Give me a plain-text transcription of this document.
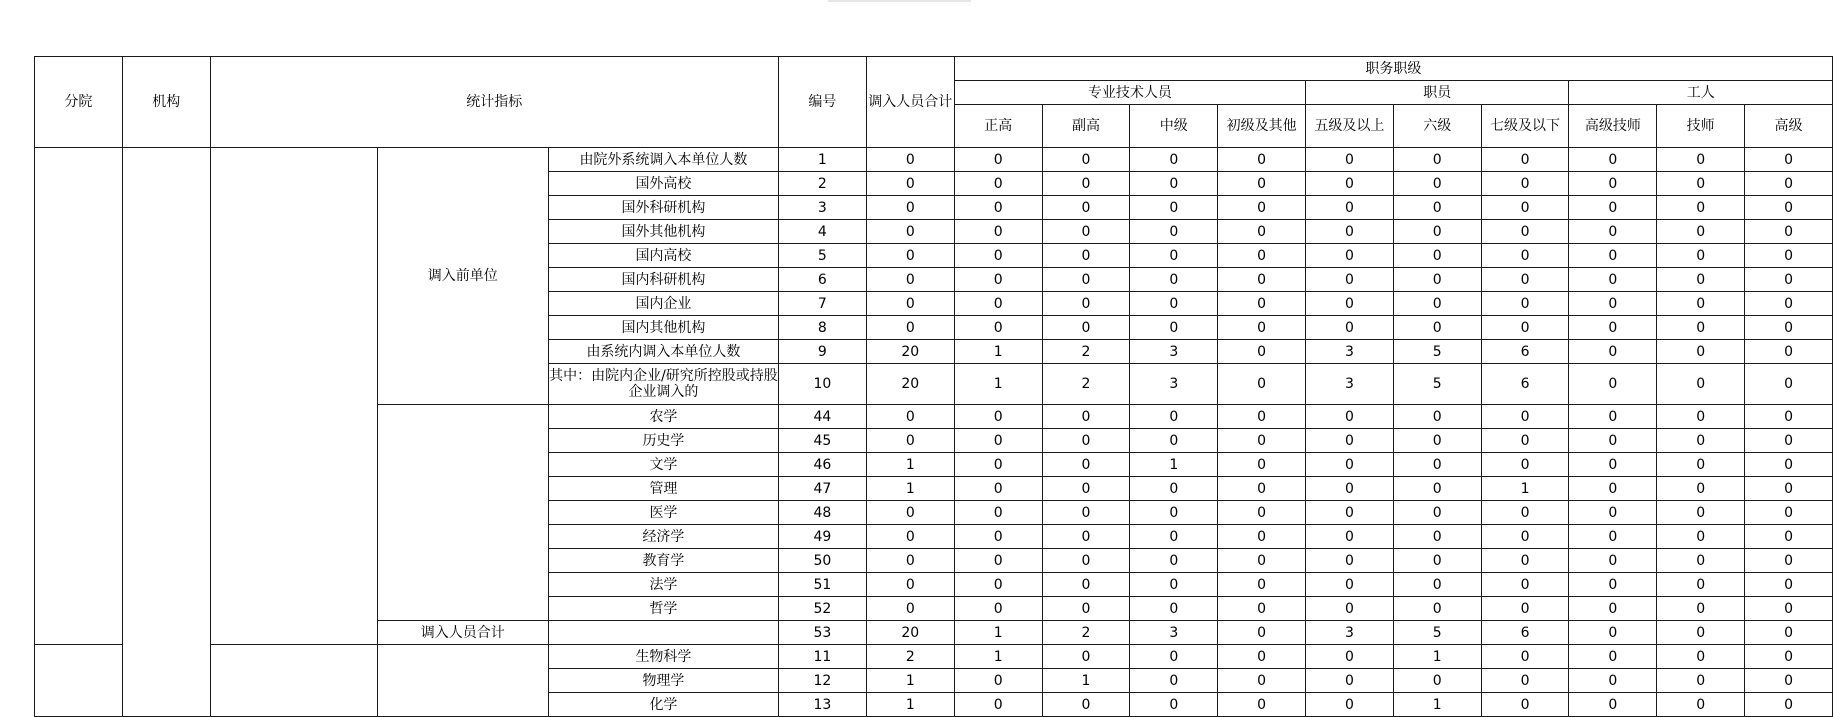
分院	机构	统计指标			编号	调入人员合计	职务职级									
							专业技术人员				职员			工人		
							正高	副高	中级	初级及其他	五级及以上	六级	七级及以下	高级技师	技师	高级
			调入前单位	由院外系统调入本单位人数	1	0	0	0	0	0	0	0	0	0	0	0
				国外高校	2	0	0	0	0	0	0	0	0	0	0	0
				国外科研机构	3	0	0	0	0	0	0	0	0	0	0	0
				国外其他机构	4	0	0	0	0	0	0	0	0	0	0	0
				国内高校	5	0	0	0	0	0	0	0	0	0	0	0
				国内科研机构	6	0	0	0	0	0	0	0	0	0	0	0
				国内企业	7	0	0	0	0	0	0	0	0	0	0	0
				国内其他机构	8	0	0	0	0	0	0	0	0	0	0	0
				由系统内调入本单位人数	9	20	1	2	3	0	3	5	6	0	0	0
				其中：由院内企业/研究所控股或持股企业调入的	10	20	1	2	3	0	3	5	6	0	0	0
				农学	44	0	0	0	0	0	0	0	0	0	0	0
				历史学	45	0	0	0	0	0	0	0	0	0	0	0
				文学	46	1	0	0	1	0	0	0	0	0	0	0
				管理	47	1	0	0	0	0	0	0	1	0	0	0
				医学	48	0	0	0	0	0	0	0	0	0	0	0
				经济学	49	0	0	0	0	0	0	0	0	0	0	0
				教育学	50	0	0	0	0	0	0	0	0	0	0	0
				法学	51	0	0	0	0	0	0	0	0	0	0	0
				哲学	52	0	0	0	0	0	0	0	0	0	0	0
			调入人员合计		53	20	1	2	3	0	3	5	6	0	0	0
				生物科学	11	2	1	0	0	0	0	1	0	0	0	0
				物理学	12	1	0	1	0	0	0	0	0	0	0	0
				化学	13	1	0	0	0	0	0	1	0	0	0	0
